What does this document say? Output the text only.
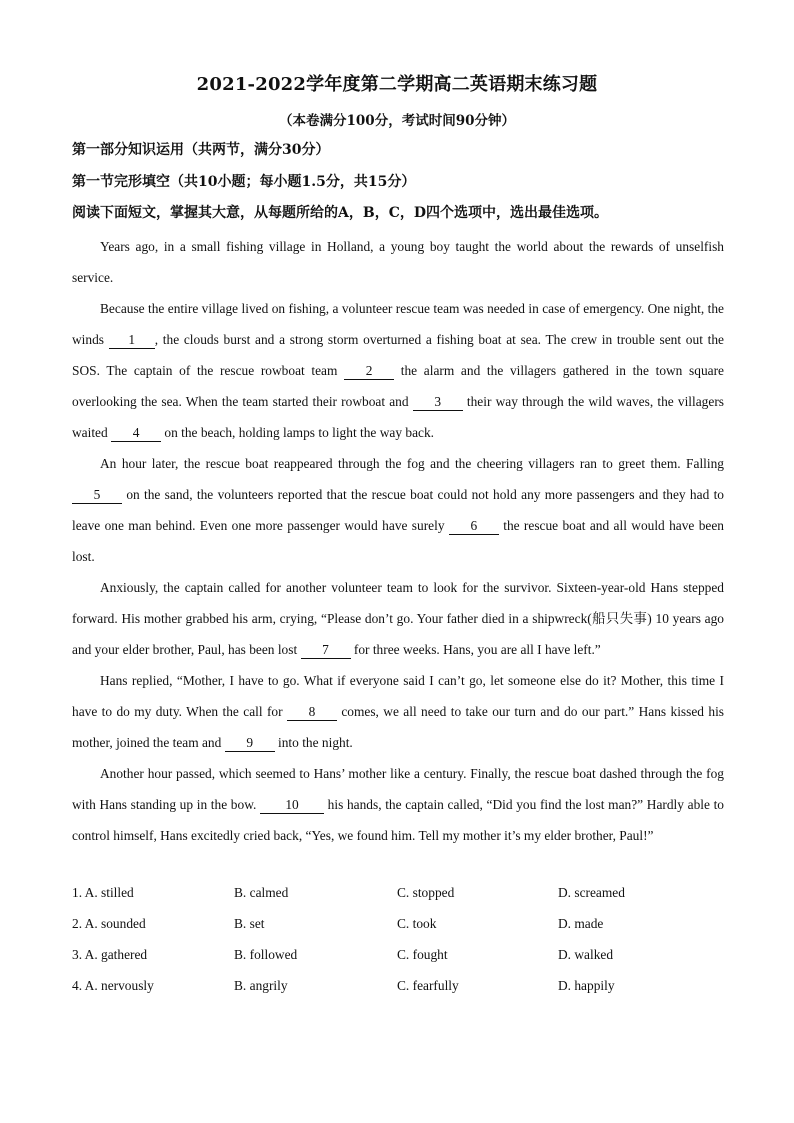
2021-2022学年度第二学期高二英语期末练习题
（本卷满分100分，考试时间90分钟）
第一部分知识运用（共两节，满分30分）
第一节完形填空（共10小题；每小题1.5分，共15分）
阅读下面短文，掌握其大意，从每题所给的A，B，C，D四个选项中，选出最佳选项。

Years ago, in a small fishing village in Holland, a young boy taught the world about the rewards of unselfish service.

Because the entire village lived on fishing, a volunteer rescue team was needed in case of emergency. One night, the winds 1 , the clouds burst and a strong storm overturned a fishing boat at sea. The crew in trouble sent out the SOS. The captain of the rescue rowboat team 2 the alarm and the villagers gathered in the town square overlooking the sea. When the team started their rowboat and 3 their way through the wild waves, the villagers waited 4 on the beach, holding lamps to light the way back.

An hour later, the rescue boat reappeared through the fog and the cheering villagers ran to greet them. Falling 5 on the sand, the volunteers reported that the rescue boat could not hold any more passengers and they had to leave one man behind. Even one more passenger would have surely 6 the rescue boat and all would have been lost.

Anxiously, the captain called for another volunteer team to look for the survivor. Sixteen-year-old Hans stepped forward. His mother grabbed his arm, crying, “Please don’t go. Your father died in a shipwreck(船只失事) 10 years ago and your elder brother, Paul, has been lost 7 for three weeks. Hans, you are all I have left.”

Hans replied, “Mother, I have to go. What if everyone said I can’t go, let someone else do it? Mother, this time I have to do my duty. When the call for 8 comes, we all need to take our turn and do our part.” Hans kissed his mother, joined the team and 9 into the night.

Another hour passed, which seemed to Hans’ mother like a century. Finally, the rescue boat dashed through the fog with Hans standing up in the bow. 10 his hands, the captain called, “Did you find the lost man?” Hardly able to control himself, Hans excitedly cried back, “Yes, we found him. Tell my mother it’s my elder brother, Paul!”

1. A. stilled	B. calmed	C. stopped	D. screamed
2. A. sounded	B. set	C. took	D. made
3. A. gathered	B. followed	C. fought	D. walked
4. A. nervously	B. angrily	C. fearfully	D. happily
